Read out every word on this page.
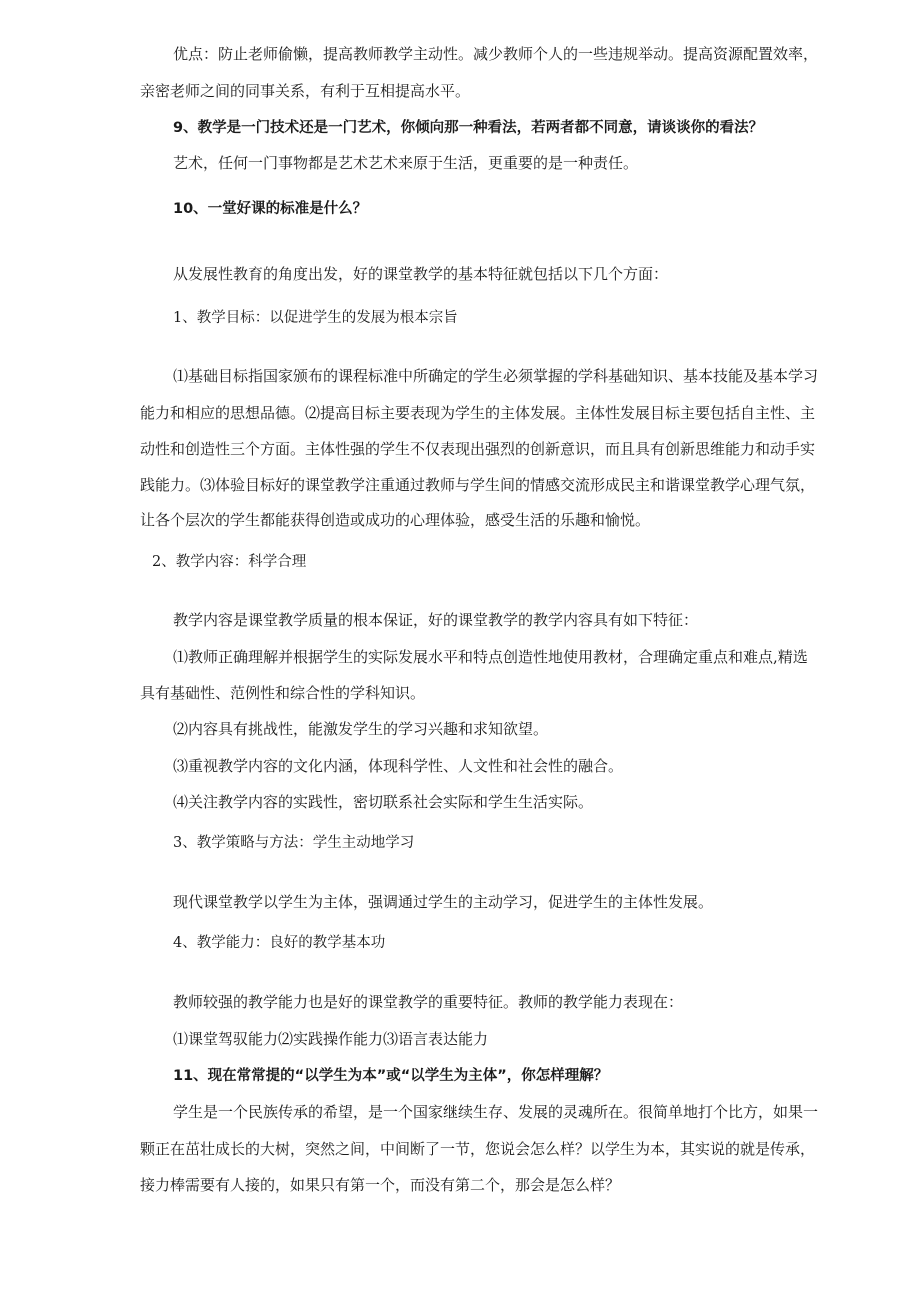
优点：防止老师偷懒，提高教师教学主动性。减少教师个人的一些违规举动。提高资源配置效率，
亲密老师之间的同事关系，有利于互相提高水平。
9、教学是一门技术还是一门艺术，你倾向那一种看法，若两者都不同意，请谈谈你的看法？
艺术，任何一门事物都是艺术艺术来原于生活，更重要的是一种责任。
10、一堂好课的标准是什么？
从发展性教育的角度出发，好的课堂教学的基本特征就包括以下几个方面：
1、教学目标：以促进学生的发展为根本宗旨
⑴基础目标指国家颁布的课程标准中所确定的学生必须掌握的学科基础知识、基本技能及基本学习
能力和相应的思想品德。⑵提高目标主要表现为学生的主体发展。主体性发展目标主要包括自主性、主
动性和创造性三个方面。主体性强的学生不仅表现出强烈的创新意识，而且具有创新思维能力和动手实
践能力。⑶体验目标好的课堂教学注重通过教师与学生间的情感交流形成民主和谐课堂教学心理气氛，
让各个层次的学生都能获得创造或成功的心理体验，感受生活的乐趣和愉悦。
2、教学内容：科学合理
教学内容是课堂教学质量的根本保证，好的课堂教学的教学内容具有如下特征：
⑴教师正确理解并根据学生的实际发展水平和特点创造性地使用教材，合理确定重点和难点,精选
具有基础性、范例性和综合性的学科知识。
⑵内容具有挑战性，能激发学生的学习兴趣和求知欲望。
⑶重视教学内容的文化内涵，体现科学性、人文性和社会性的融合。
⑷关注教学内容的实践性，密切联系社会实际和学生生活实际。
3、教学策略与方法：学生主动地学习
现代课堂教学以学生为主体，强调通过学生的主动学习，促进学生的主体性发展。
4、教学能力：良好的教学基本功
教师较强的教学能力也是好的课堂教学的重要特征。教师的教学能力表现在：
⑴课堂驾驭能力⑵实践操作能力⑶语言表达能力
11、现在常常提的“以学生为本”或“以学生为主体”，你怎样理解？
学生是一个民族传承的希望，是一个国家继续生存、发展的灵魂所在。很简单地打个比方，如果一
颗正在茁壮成长的大树，突然之间，中间断了一节，您说会怎么样？以学生为本，其实说的就是传承，
接力棒需要有人接的，如果只有第一个，而没有第二个，那会是怎么样？
